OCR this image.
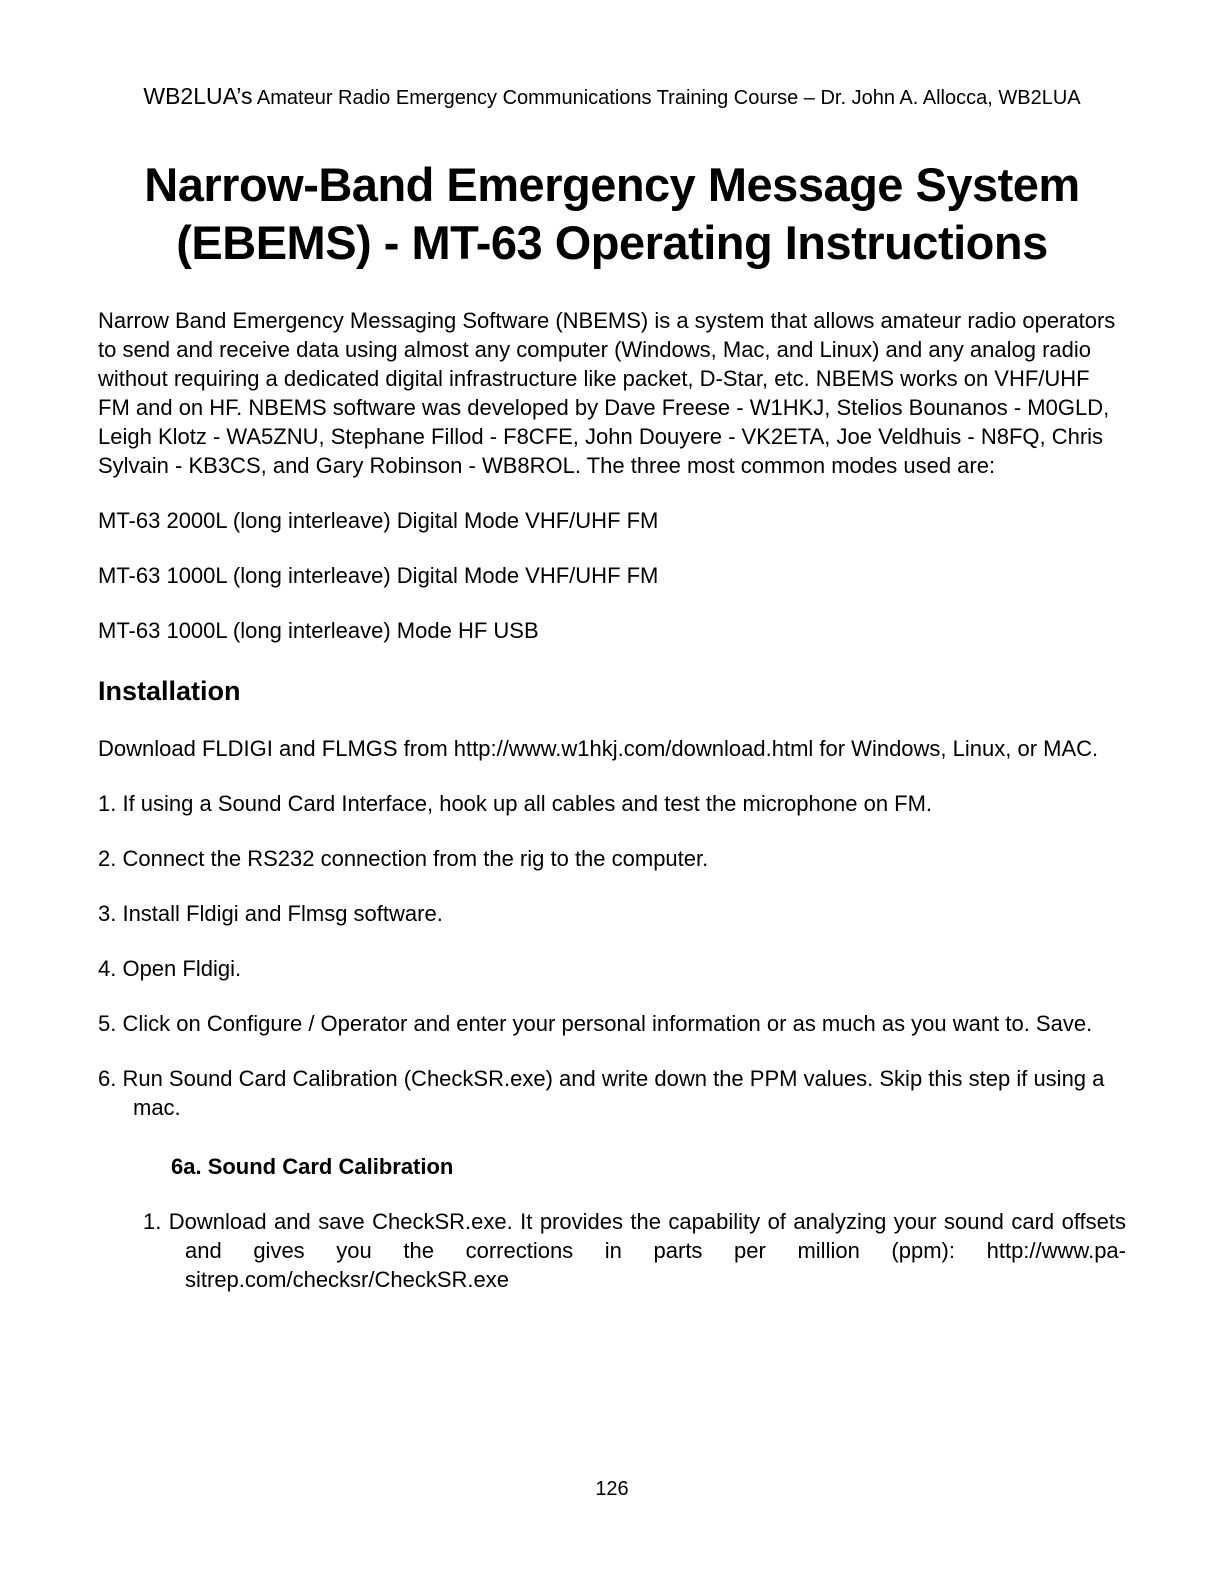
WB2LUA’s Amateur Radio Emergency Communications Training Course – Dr. John A. Allocca, WB2LUA
Narrow-Band Emergency Message System
(EBEMS) - MT-63 Operating Instructions

Narrow Band Emergency Messaging Software (NBEMS) is a system that allows amateur radio operators to send and receive data using almost any computer (Windows, Mac, and Linux) and any analog radio without requiring a dedicated digital infrastructure like packet, D-Star, etc. NBEMS works on VHF/UHF FM and on HF. NBEMS software was developed by Dave Freese - W1HKJ, Stelios Bounanos - M0GLD, Leigh Klotz - WA5ZNU, Stephane Fillod - F8CFE, John Douyere - VK2ETA, Joe Veldhuis - N8FQ, Chris Sylvain - KB3CS, and Gary Robinson - WB8ROL. The three most common modes used are:

MT-63 2000L (long interleave) Digital Mode VHF/UHF FM

MT-63 1000L (long interleave) Digital Mode VHF/UHF FM

MT-63 1000L (long interleave) Mode HF USB

Installation

Download FLDIGI and FLMGS from http://www.w1hkj.com/download.html for Windows, Linux, or MAC.

1. If using a Sound Card Interface, hook up all cables and test the microphone on FM.

2. Connect the RS232 connection from the rig to the computer.

3. Install Fldigi and Flmsg software.

4. Open Fldigi.

5. Click on Configure / Operator and enter your personal information or as much as you want to. Save.

6. Run Sound Card Calibration (CheckSR.exe) and write down the PPM values. Skip this step if using a mac.

6a. Sound Card Calibration

1. Download and save CheckSR.exe. It provides the capability of analyzing your sound card offsets and gives you the corrections in parts per million (ppm): http://www.pa-sitrep.com/checksr/CheckSR.exe

126
